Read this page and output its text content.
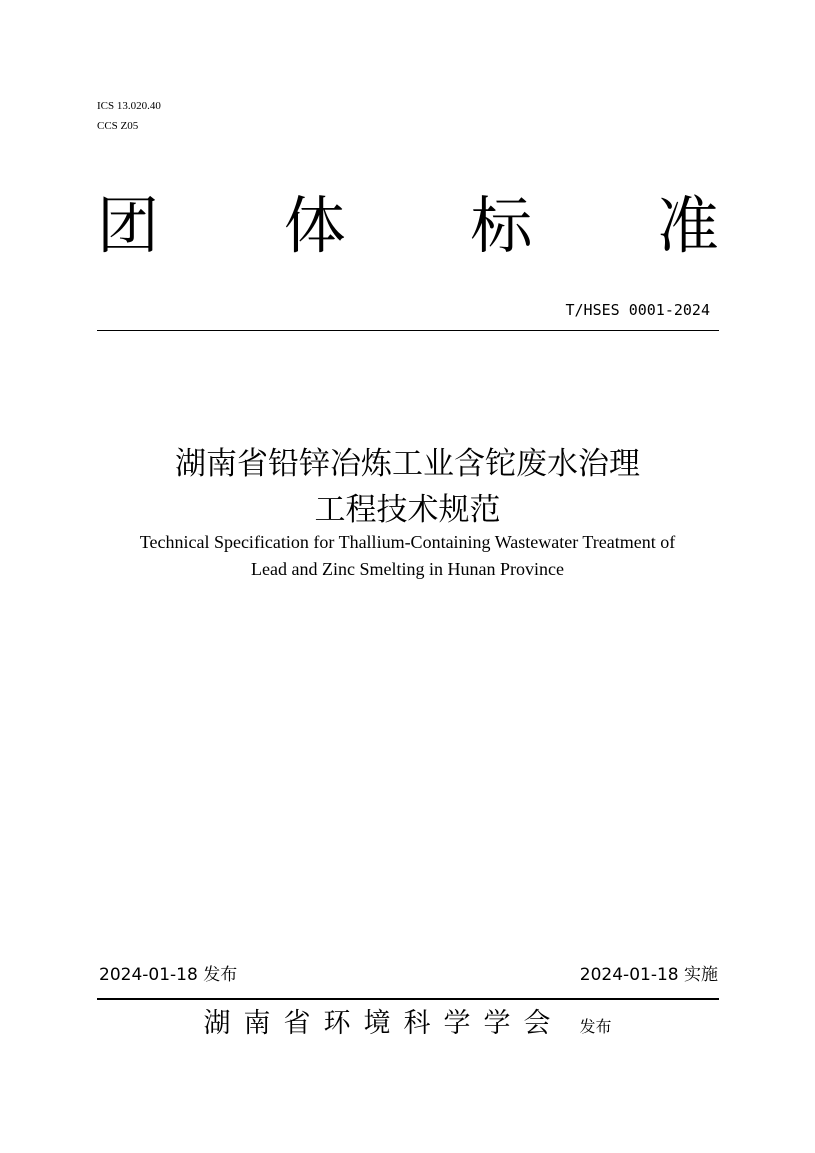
ICS 13.020.40
CCS Z05
团 体 标 准
T/HSES 0001-2024
湖南省铅锌冶炼工业含铊废水治理
工程技术规范
Technical Specification for Thallium-Containing Wastewater Treatment of
Lead and Zinc Smelting in Hunan Province
2024-01-18 发布	2024-01-18 实施
湖南省环境科学学会 发布
